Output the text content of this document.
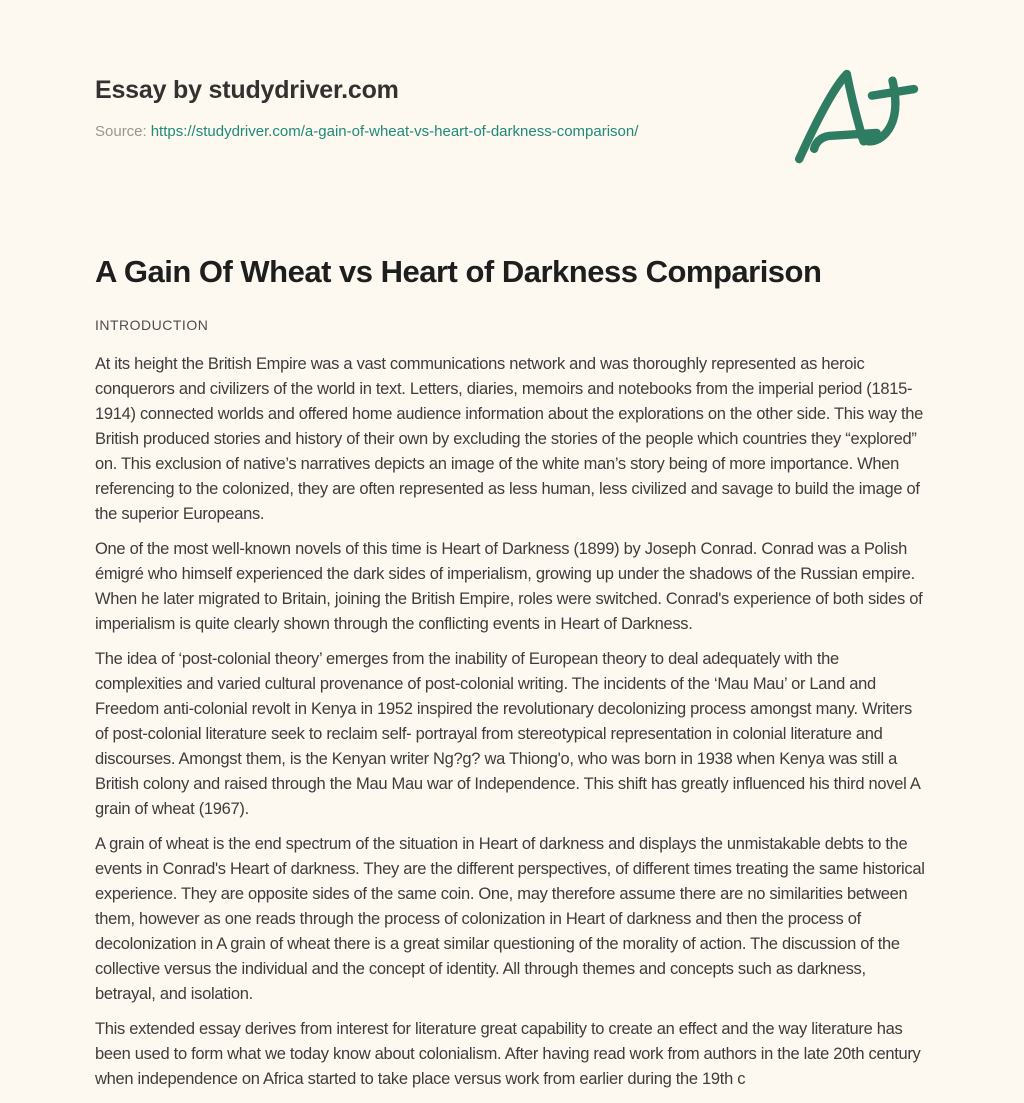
Essay by studydriver.com
Source: https://studydriver.com/a-gain-of-wheat-vs-heart-of-darkness-comparison/
A Gain Of Wheat vs Heart of Darkness Comparison
INTRODUCTION

At its height the British Empire was a vast communications network and was thoroughly represented as heroic conquerors and civilizers of the world in text. Letters, diaries, memoirs and notebooks from the imperial period (1815-1914) connected worlds and offered home audience information about the explorations on the other side. This way the British produced stories and history of their own by excluding the stories of the people which countries they “explored” on. This exclusion of native’s narratives depicts an image of the white man’s story being of more importance. When referencing to the colonized, they are often represented as less human, less civilized and savage to build the image of the superior Europeans.

One of the most well-known novels of this time is Heart of Darkness (1899) by Joseph Conrad. Conrad was a Polish émigré who himself experienced the dark sides of imperialism, growing up under the shadows of the Russian empire. When he later migrated to Britain, joining the British Empire, roles were switched. Conrad's experience of both sides of imperialism is quite clearly shown through the conflicting events in Heart of Darkness.

The idea of ‘post-colonial theory’ emerges from the inability of European theory to deal adequately with the complexities and varied cultural provenance of post-colonial writing. The incidents of the ‘Mau Mau’ or Land and Freedom anti-colonial revolt in Kenya in 1952 inspired the revolutionary decolonizing process amongst many. Writers of post-colonial literature seek to reclaim self- portrayal from stereotypical representation in colonial literature and discourses. Amongst them, is the Kenyan writer Ng?g? wa Thiong'o, who was born in 1938 when Kenya was still a British colony and raised through the Mau Mau war of Independence. This shift has greatly influenced his third novel A grain of wheat (1967).

A grain of wheat is the end spectrum of the situation in Heart of darkness and displays the unmistakable debts to the events in Conrad's Heart of darkness. They are the different perspectives, of different times treating the same historical experience. They are opposite sides of the same coin. One, may therefore assume there are no similarities between them, however as one reads through the process of colonization in Heart of darkness and then the process of decolonization in A grain of wheat there is a great similar questioning of the morality of action. The discussion of the collective versus the individual and the concept of identity. All through themes and concepts such as darkness, betrayal, and isolation.

This extended essay derives from interest for literature great capability to create an effect and the way literature has been used to form what we today know about colonialism. After having read work from authors in the late 20th century when independence on Africa started to take place versus work from earlier during the 19th c
